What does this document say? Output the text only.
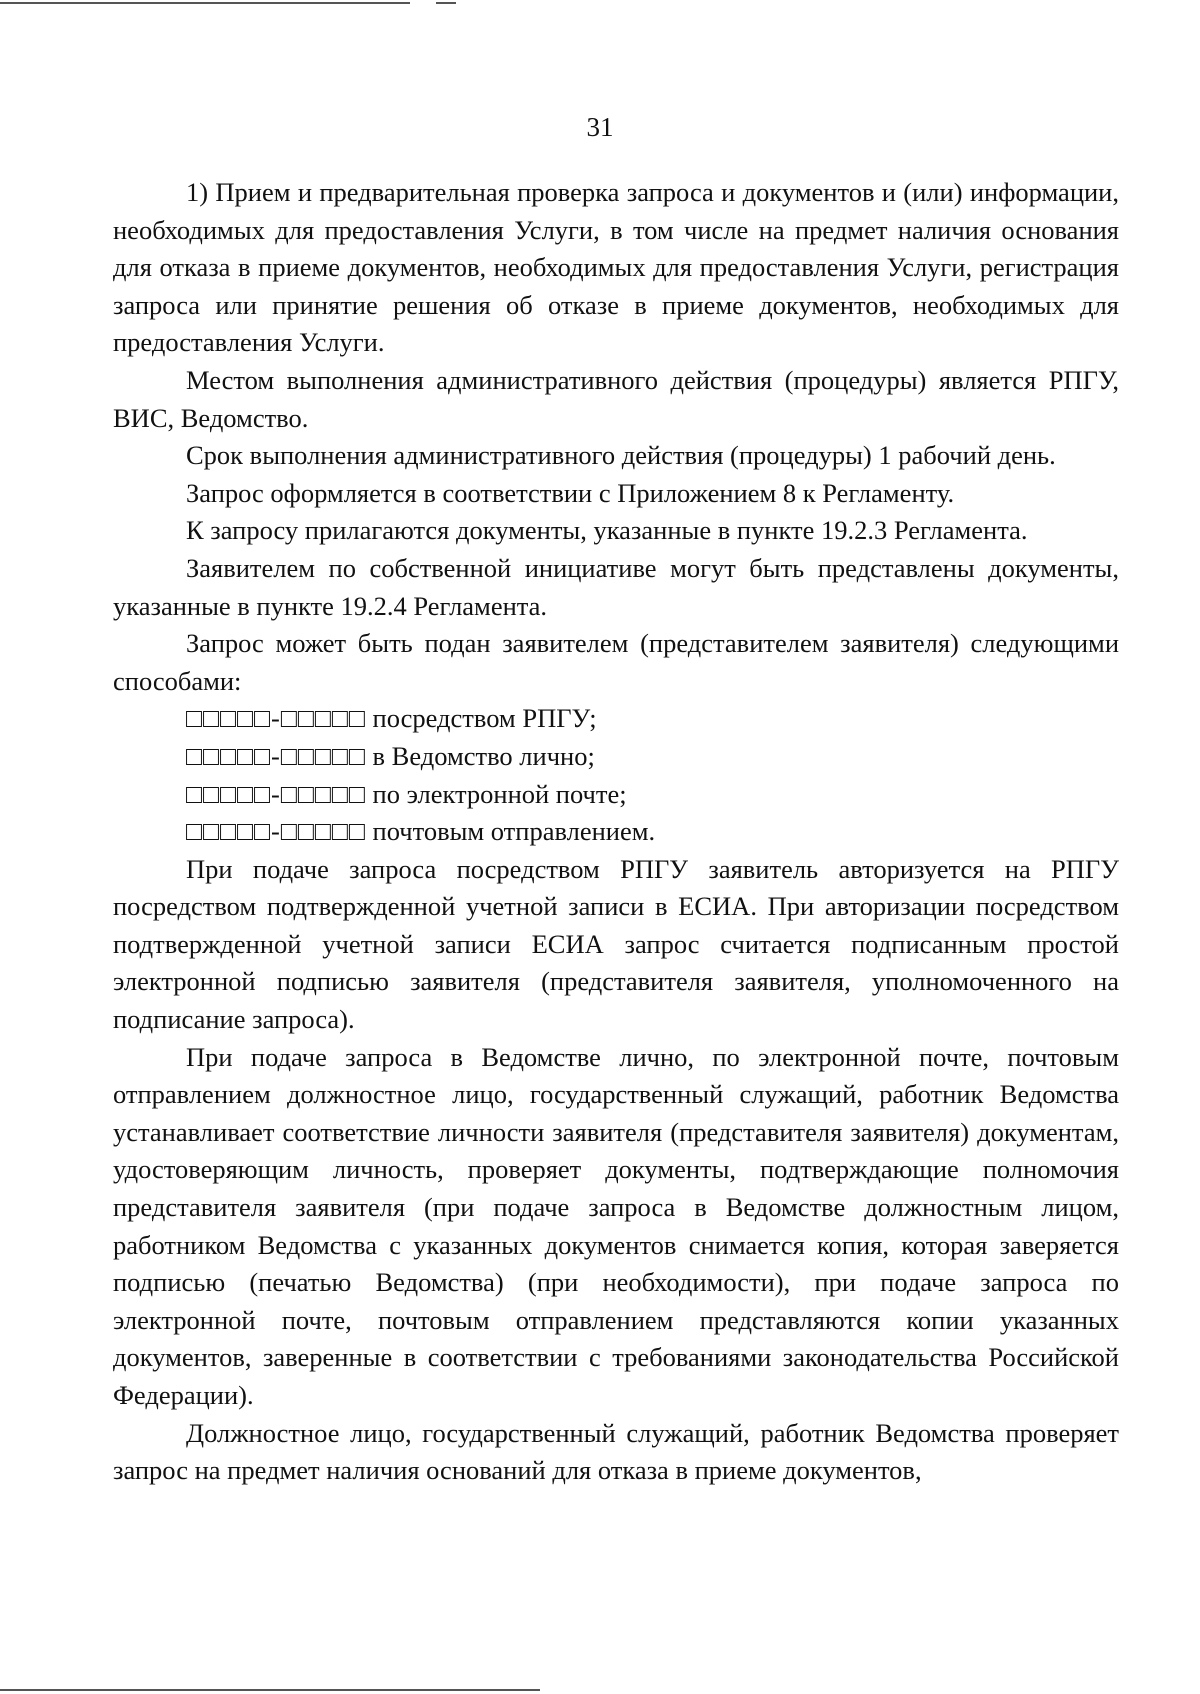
31

1) Прием и предварительная проверка запроса и документов и (или) информации, необходимых для предоставления Услуги, в том числе на предмет наличия основания для отказа в приеме документов, необходимых для предоставления Услуги, регистрация запроса или принятие решения об отказе в приеме документов, необходимых для предоставления Услуги.

Местом выполнения административного действия (процедуры) является РПГУ, ВИС, Ведомство.

Срок выполнения административного действия (процедуры) 1 рабочий день.

Запрос оформляется в соответствии с Приложением 8 к Регламенту.

К запросу прилагаются документы, указанные в пункте 19.2.3 Регламента.

Заявителем по собственной инициативе могут быть представлены документы, указанные в пункте 19.2.4 Регламента.

Запрос может быть подан заявителем (представителем заявителя) следующими способами:

□□□□□-□□□□□ посредством РПГУ;

□□□□□-□□□□□ в Ведомство лично;

□□□□□-□□□□□ по электронной почте;

□□□□□-□□□□□ почтовым отправлением.

При подаче запроса посредством РПГУ заявитель авторизуется на РПГУ посредством подтвержденной учетной записи в ЕСИА. При авторизации посредством подтвержденной учетной записи ЕСИА запрос считается подписанным простой электронной подписью заявителя (представителя заявителя, уполномоченного на подписание запроса).

При подаче запроса в Ведомстве лично, по электронной почте, почтовым отправлением должностное лицо, государственный служащий, работник Ведомства устанавливает соответствие личности заявителя (представителя заявителя) документам, удостоверяющим личность, проверяет документы, подтверждающие полномочия представителя заявителя (при подаче запроса в Ведомстве должностным лицом, работником Ведомства с указанных документов снимается копия, которая заверяется подписью (печатью Ведомства) (при необходимости), при подаче запроса по электронной почте, почтовым отправлением представляются копии указанных документов, заверенные в соответствии с требованиями законодательства Российской Федерации).

Должностное лицо, государственный служащий, работник Ведомства проверяет запрос на предмет наличия оснований для отказа в приеме документов,
